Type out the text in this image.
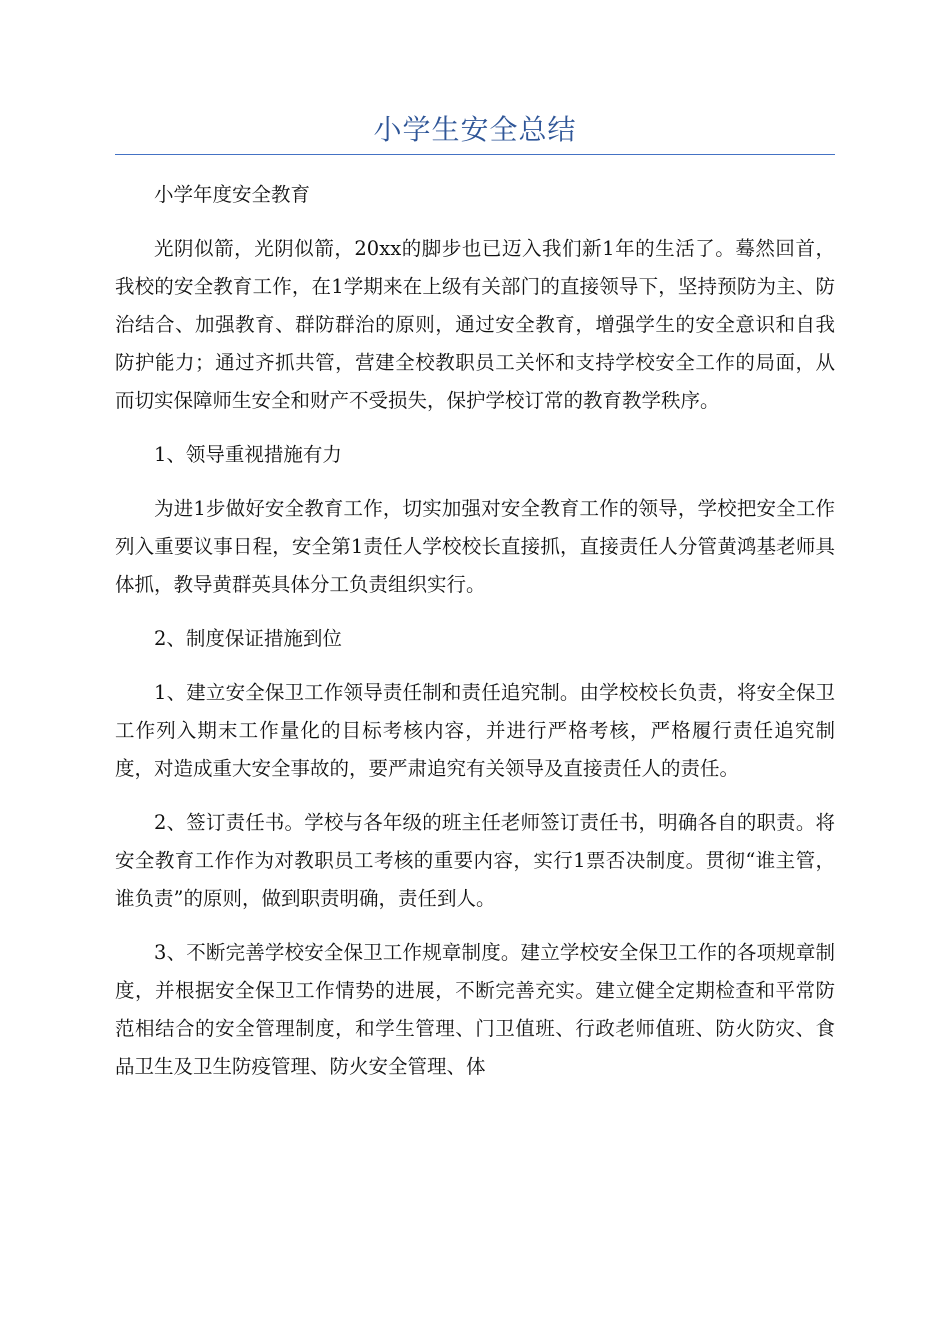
小学生安全总结

小学年度安全教育

光阴似箭，光阴似箭，20xx的脚步也已迈入我们新1年的生活了。蓦然回首，我校的安全教育工作，在1学期来在上级有关部门的直接领导下，坚持预防为主、防治结合、加强教育、群防群治的原则，通过安全教育，增强学生的安全意识和自我防护能力；通过齐抓共管，营建全校教职员工关怀和支持学校安全工作的局面，从而切实保障师生安全和财产不受损失，保护学校订常的教育教学秩序。

1、领导重视措施有力

为进1步做好安全教育工作，切实加强对安全教育工作的领导，学校把安全工作列入重要议事日程，安全第1责任人学校校长直接抓，直接责任人分管黄鸿基老师具体抓，教导黄群英具体分工负责组织实行。

2、制度保证措施到位

1、建立安全保卫工作领导责任制和责任追究制。由学校校长负责，将安全保卫工作列入期末工作量化的目标考核内容，并进行严格考核，严格履行责任追究制度，对造成重大安全事故的，要严肃追究有关领导及直接责任人的责任。

2、签订责任书。学校与各年级的班主任老师签订责任书，明确各自的职责。将安全教育工作作为对教职员工考核的重要内容，实行1票否决制度。贯彻“谁主管，谁负责”的原则，做到职责明确，责任到人。

3、不断完善学校安全保卫工作规章制度。建立学校安全保卫工作的各项规章制度，并根据安全保卫工作情势的进展，不断完善充实。建立健全定期检查和平常防范相结合的安全管理制度，和学生管理、门卫值班、行政老师值班、防火防灾、食品卫生及卫生防疫管理、防火安全管理、体
